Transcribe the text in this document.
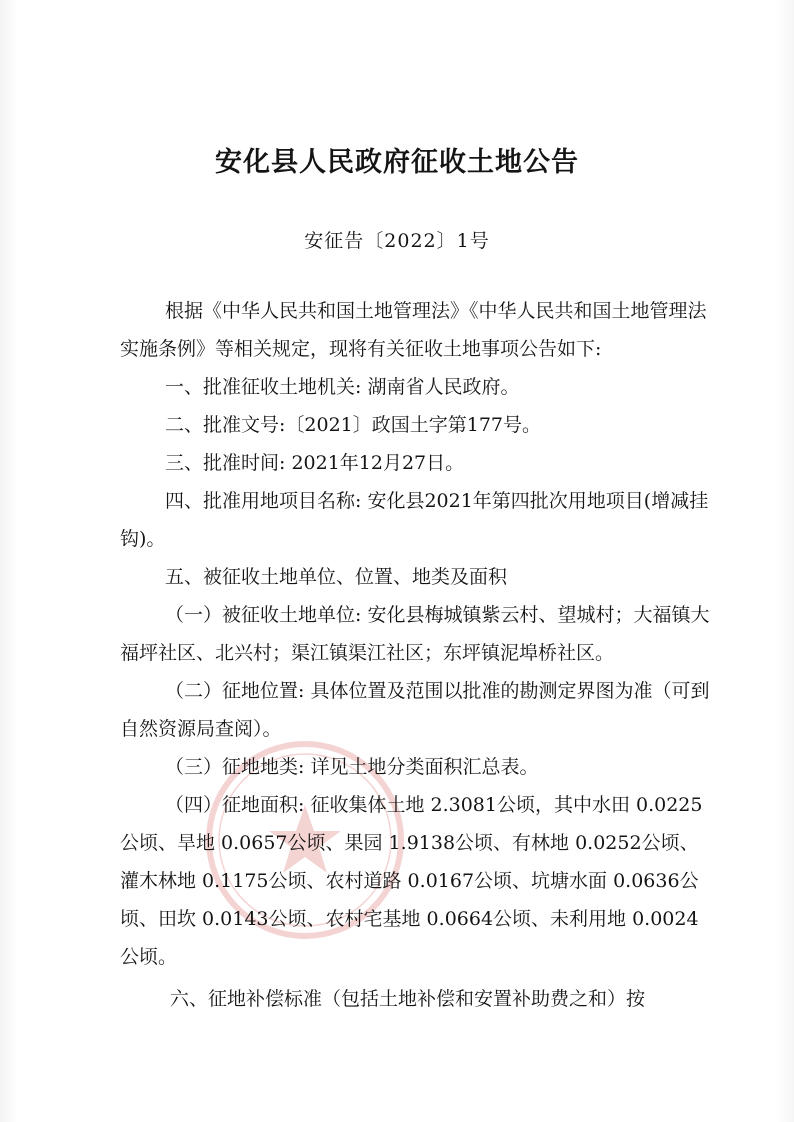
安化县人民政府征收土地公告
安征告〔2022〕1号

根据《中华人民共和国土地管理法》《中华人民共和国土地管理法实施条例》等相关规定，现将有关征收土地事项公告如下:

一、批准征收土地机关: 湖南省人民政府。

二、批准文号:〔2021〕政国土字第177号。

三、批准时间: 2021年12月27日。

四、批准用地项目名称: 安化县2021年第四批次用地项目(增减挂钩)。

五、被征收土地单位、位置、地类及面积

（一）被征收土地单位: 安化县梅城镇紫云村、望城村；大福镇大福坪社区、北兴村；渠江镇渠江社区；东坪镇泥埠桥社区。

（二）征地位置: 具体位置及范围以批准的勘测定界图为准（可到自然资源局查阅）。

（三）征地地类: 详见土地分类面积汇总表。

（四）征地面积: 征收集体土地 2.3081公顷，其中水田 0.0225公顷、旱地 0.0657公顷、果园 1.9138公顷、有林地 0.0252公顷、灌木林地 0.1175公顷、农村道路 0.0167公顷、坑塘水面 0.0636公顷、田坎 0.0143公顷、农村宅基地 0.0664公顷、未利用地 0.0024公顷。

六、征地补偿标准（包括土地补偿和安置补助费之和）按
